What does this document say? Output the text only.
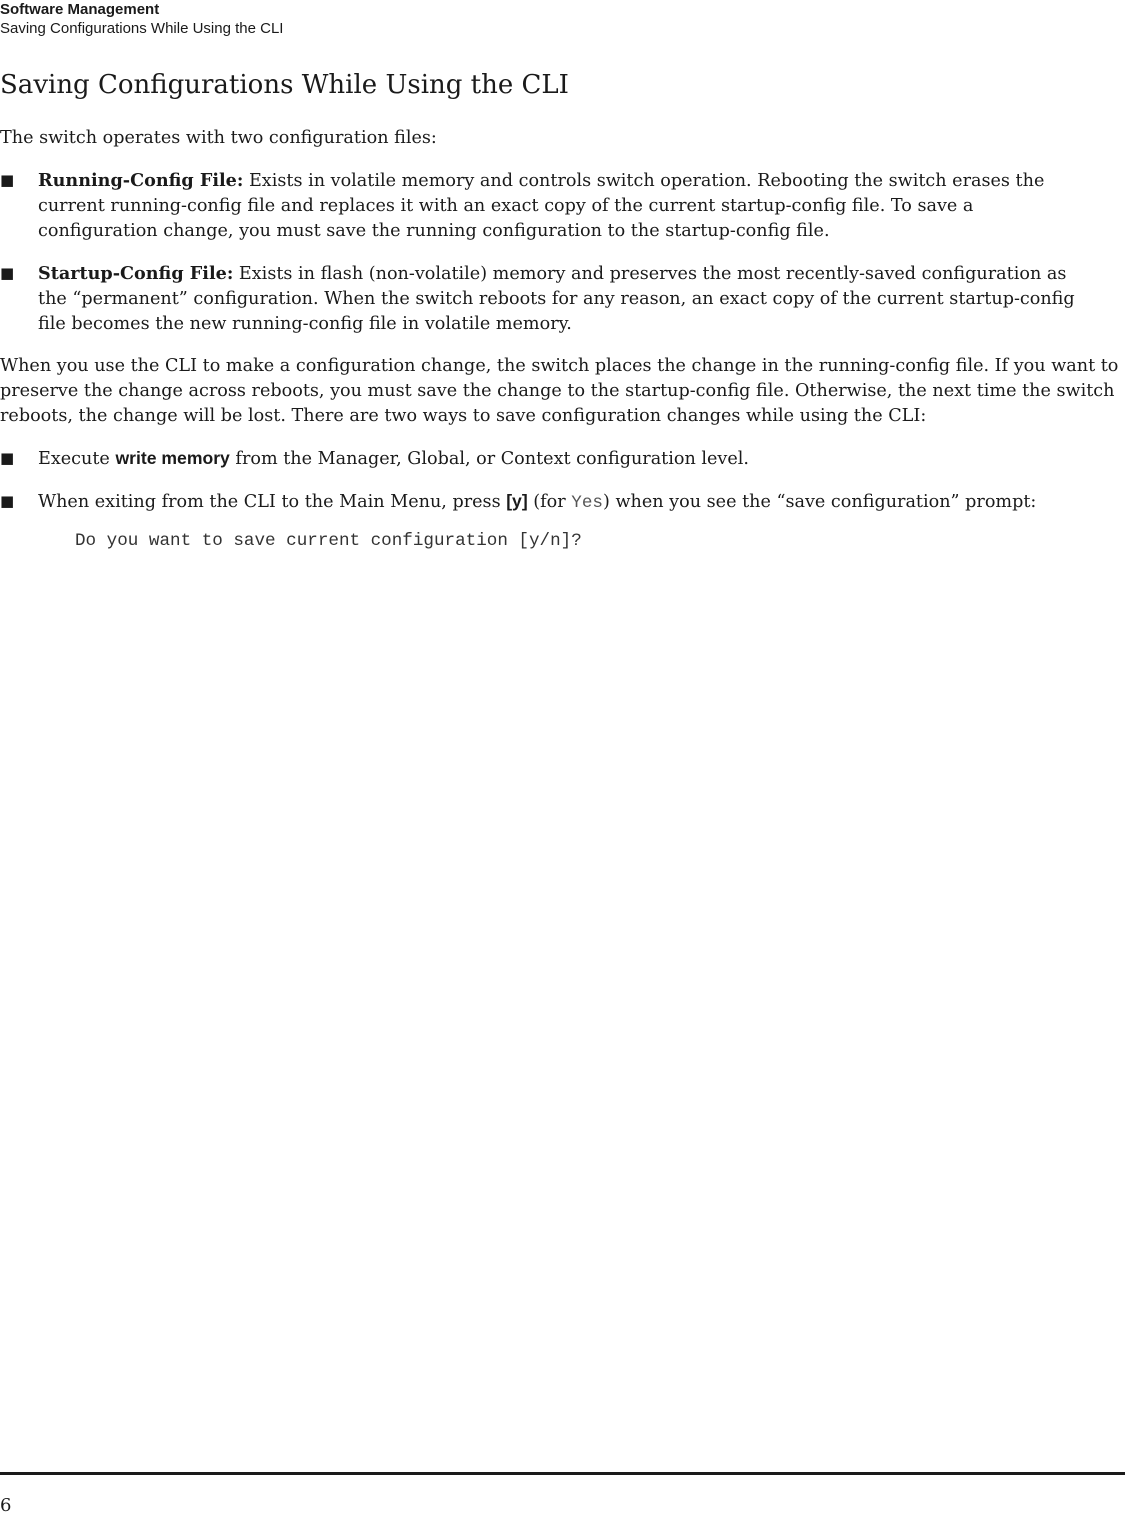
Software Management
Saving Configurations While Using the CLI
Saving Configurations While Using the CLI

The switch operates with two configuration files:

■	Running-Config File: Exists in volatile memory and controls switch operation. Rebooting the switch erases the current running-config file and replaces it with an exact copy of the current startup-config file. To save a configuration change, you must save the running configuration to the startup-config file.
■	Startup-Config File: Exists in flash (non-volatile) memory and preserves the most recently-saved configuration as the “permanent” configuration. When the switch reboots for any reason, an exact copy of the current startup-config file becomes the new running-config file in volatile memory.

When you use the CLI to make a configuration change, the switch places the change in the running-config file. If you want to preserve the change across reboots, you must save the change to the startup-config file. Otherwise, the next time the switch reboots, the change will be lost. There are two ways to save configuration changes while using the CLI:

■	Execute write memory from the Manager, Global, or Context configuration level.
■	When exiting from the CLI to the Main Menu, press [y] (for Yes) when you see the “save configuration” prompt:
Do you want to save current configuration [y/n]?
6
